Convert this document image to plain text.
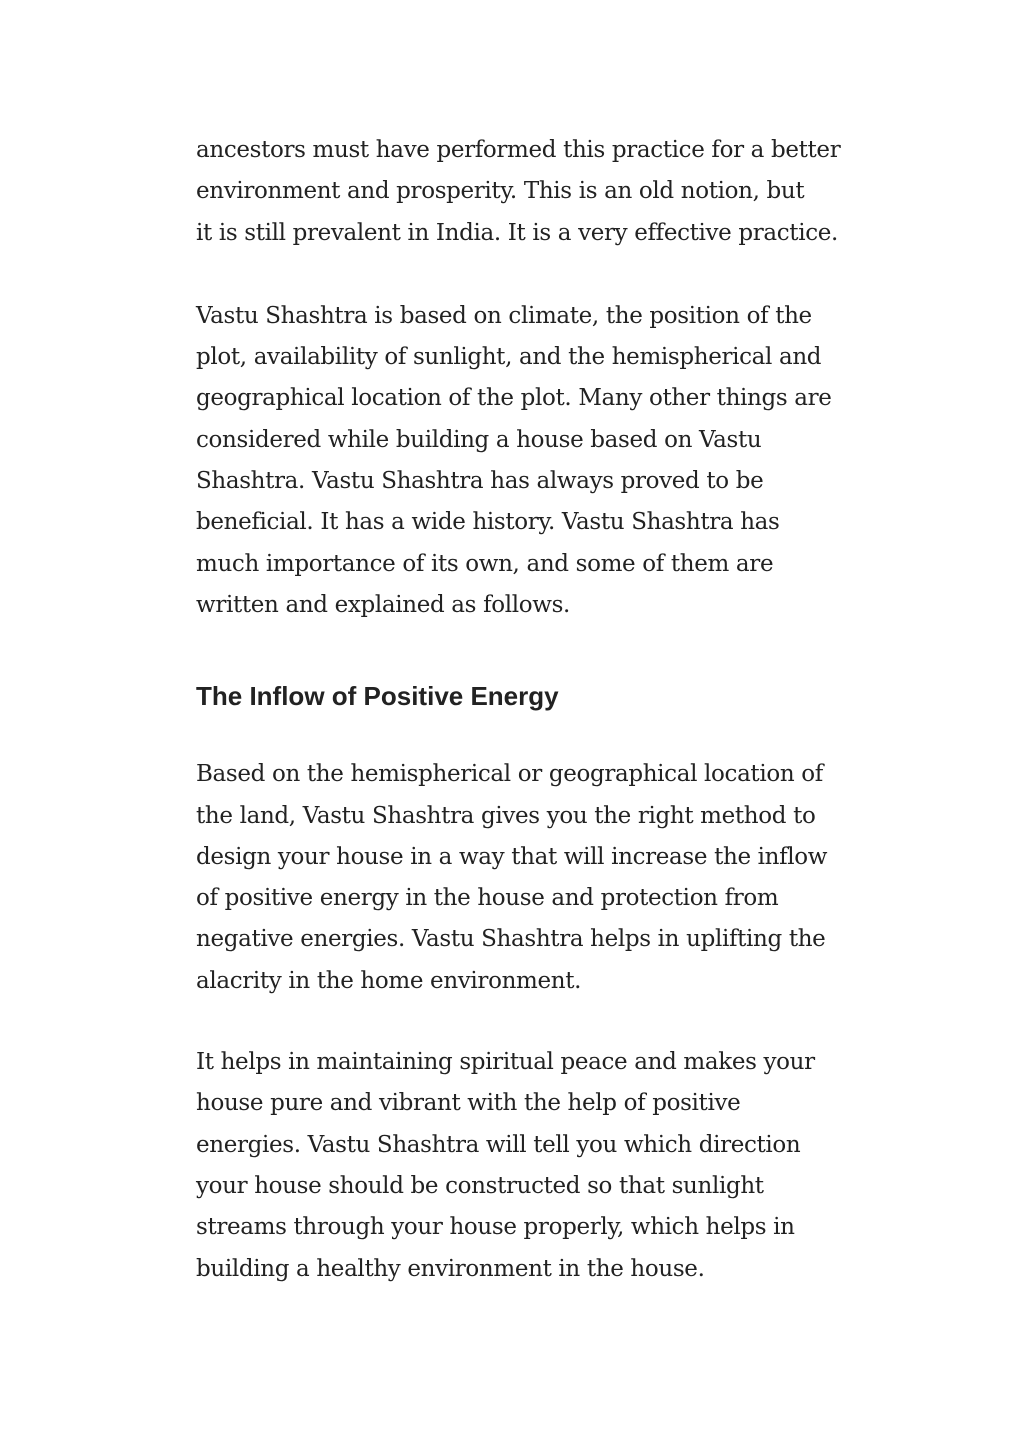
ancestors must have performed this practice for a better
environment and prosperity. This is an old notion, but
it is still prevalent in India. It is a very effective practice.

Vastu Shashtra is based on climate, the position of the
plot, availability of sunlight, and the hemispherical and
geographical location of the plot. Many other things are
considered while building a house based on Vastu
Shashtra. Vastu Shashtra has always proved to be
beneficial. It has a wide history. Vastu Shashtra has
much importance of its own, and some of them are
written and explained as follows.

The Inflow of Positive Energy

Based on the hemispherical or geographical location of
the land, Vastu Shashtra gives you the right method to
design your house in a way that will increase the inflow
of positive energy in the house and protection from
negative energies. Vastu Shashtra helps in uplifting the
alacrity in the home environment.

It helps in maintaining spiritual peace and makes your
house pure and vibrant with the help of positive
energies. Vastu Shashtra will tell you which direction
your house should be constructed so that sunlight
streams through your house properly, which helps in
building a healthy environment in the house.
